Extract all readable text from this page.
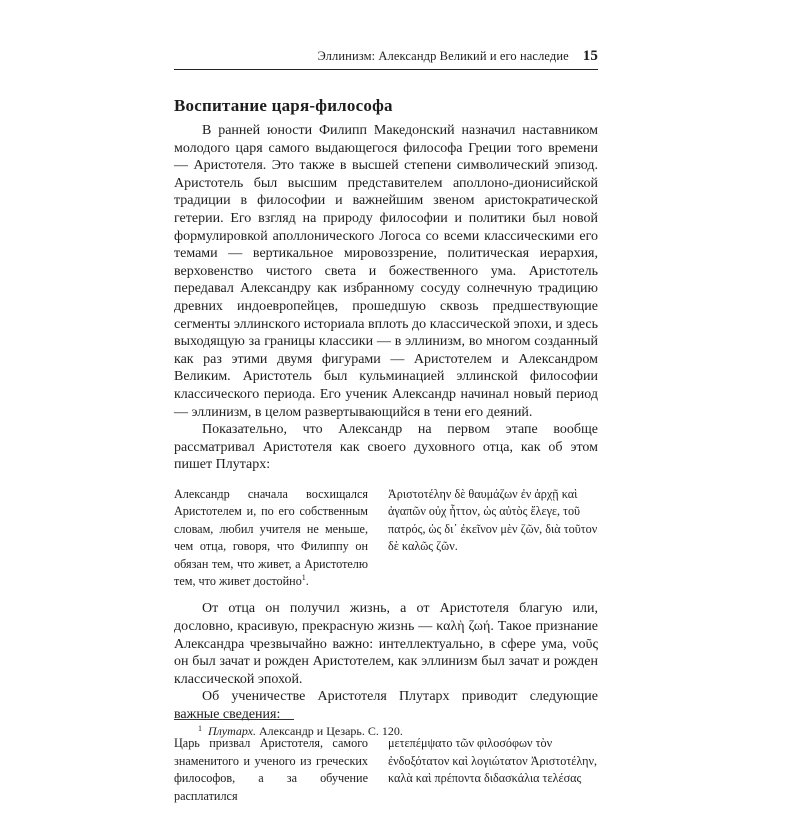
Эллинизм: Александр Великий и его наследие 15
Воспитание царя-философа

В ранней юности Филипп Македонский назначил наставником молодого царя самого выдающегося философа Греции того времени — Аристотеля. Это также в высшей степени символический эпизод. Аристотель был высшим представителем аполлоно-дионисийской традиции в философии и важнейшим звеном аристократической гетерии. Его взгляд на природу философии и политики был новой формулировкой аполлонического Логоса со всеми классическими его темами — вертикальное мировоззрение, политическая иерархия, верховенство чистого света и божественного ума. Аристотель передавал Александру как избранному сосуду солнечную традицию древних индоевропейцев, прошедшую сквозь предшествующие сегменты эллинского историала вплоть до классической эпохи, и здесь выходящую за границы классики — в эллинизм, во многом созданный как раз этими двумя фигурами — Аристотелем и Александром Великим. Аристотель был кульминацией эллинской философии классического периода. Его ученик Александр начинал новый период — эллинизм, в целом развертывающийся в тени его деяний.

Показательно, что Александр на первом этапе вообще рассматривал Аристотеля как своего духовного отца, как об этом пишет Плутарх:

Александр сначала восхищался Аристотелем и, по его собственным словам, любил учителя не меньше, чем отца, говоря, что Филиппу он обязан тем, что живет, а Аристотелю тем, что живет достойно$^1$.
Ἀριστοτέλην δὲ θαυμάζων ἐν ἀρχῇ καὶ ἀγαπῶν οὐχ ἧττον, ὡς αὐτὸς ἔλεγε, τοῦ πατρός, ὡς δι᾽ ἐκεῖνον μὲν ζῶν, διὰ τοῦτον δὲ καλῶς ζῶν.

От отца он получил жизнь, а от Аристотеля благую или, дословно, красивую, прекрасную жизнь — καλὴ ζωή. Такое признание Александра чрезвычайно важно: интеллектуально, в сфере ума, νοῦς он был зачат и рожден Аристотелем, как эллинизм был зачат и рожден классической эпохой.

Об ученичестве Аристотеля Плутарх приводит следующие важные сведения:

Царь призвал Аристотеля, самого знаменитого и ученого из греческих философов, а за обучение расплатился
μετεπέμψατο τῶν φιλοσόφων τὸν ἐνδοξότατον καὶ λογιώτατον Ἀριστοτέλην, καλὰ καὶ πρέποντα διδασκάλια τελέσας
1 Плутарх. Александр и Цезарь. С. 120.
